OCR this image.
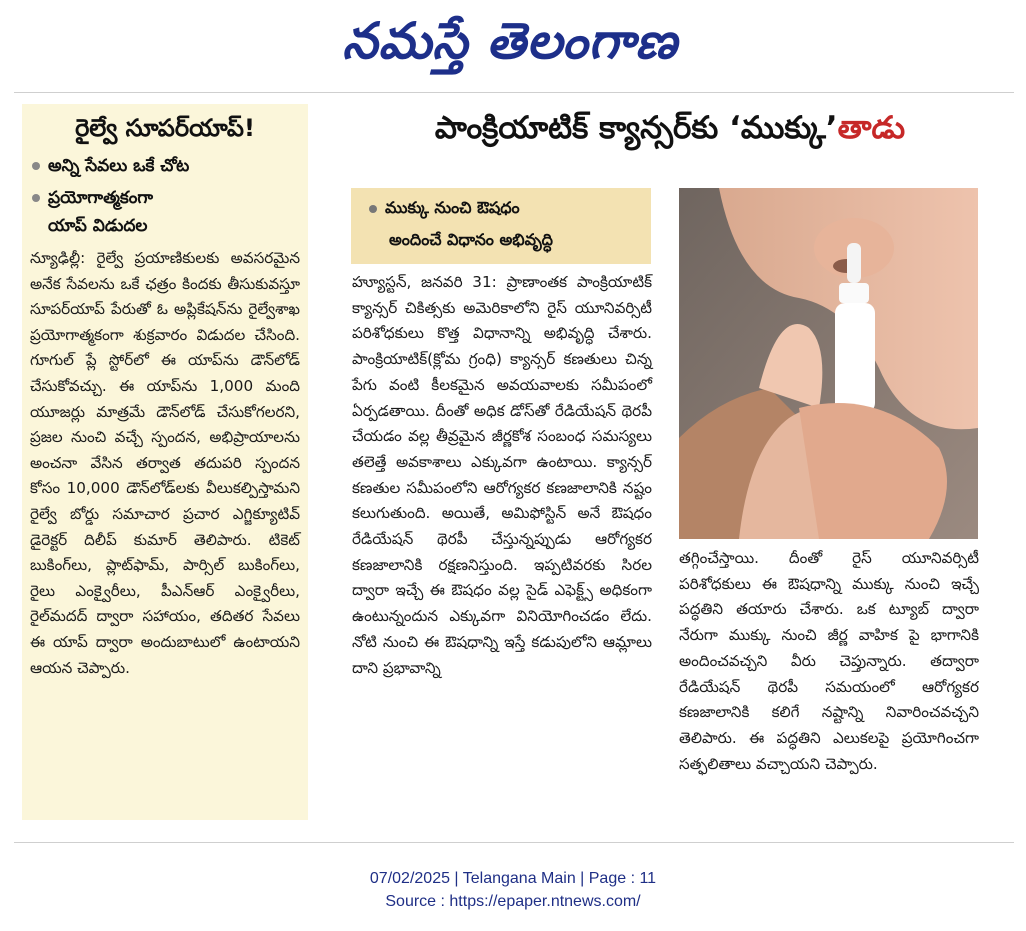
నమస్తే తెలంగాణ
రైల్వే సూపర్‌యాప్!
అన్ని సేవలు ఒకే చోట
ప్రయోగాత్మకంగా
యాప్ విడుదల

న్యూఢిల్లీ: రైల్వే ప్రయాణికులకు అవసరమైన అనేక సేవలను ఒకే ఛత్రం కిందకు తీసుకువస్తూ సూపర్‌యాప్ పేరుతో ఓ అప్లికేషన్‌ను రైల్వేశాఖ ప్రయోగాత్మకంగా శుక్రవారం విడుదల చేసింది. గూగుల్ ప్లే స్టోర్‌లో ఈ యాప్‌ను డౌన్‌లోడ్ చేసుకోవచ్చు. ఈ యాప్‌ను 1,000 మంది యూజర్లు మాత్రమే డౌన్‌లోడ్ చేసుకోగలరని, ప్రజల నుంచి వచ్చే స్పందన, అభిప్రాయాలను అంచనా వేసిన తర్వాత తదుపరి స్పందన కోసం 10,000 డౌన్‌లోడ్‌లకు వీలుకల్పిస్తామని రైల్వే బోర్డు సమాచార ప్రచార ఎగ్జిక్యూటివ్ డైరెక్టర్ దిలీప్ కుమార్ తెలిపారు. టికెట్ బుకింగ్‌లు, ప్లాట్‌ఫామ్, పార్సిల్ బుకింగ్‌లు, రైలు ఎంక్వైరీలు, పీఎన్ఆర్ ఎంక్వైరీలు, రైల్‌మదద్ ద్వారా సహాయం, తదితర సేవలు ఈ యాప్ ద్వారా అందుబాటులో ఉంటాయని ఆయన చెప్పారు.

పాంక్రియాటిక్ క్యాన్సర్‌కు ‘ముక్కు’తాడు
ముక్కు నుంచి ఔషధం
అందించే విధానం అభివృద్ధి

హ్యూస్టన్, జనవరి 31: ప్రాణాంతక పాంక్రియాటిక్ క్యాన్సర్ చికిత్సకు అమెరికాలోని రైస్ యూనివర్సిటీ పరిశోధకులు కొత్త విధానాన్ని అభివృద్ధి చేశారు. పాంక్రియాటిక్(క్లోమ గ్రంధి) క్యాన్సర్ కణతులు చిన్న పేగు వంటి కీలకమైన అవయవాలకు సమీపంలో ఏర్పడతాయి. దీంతో అధిక డోస్‌తో రేడియేషన్ థెరపీ చేయడం వల్ల తీవ్రమైన జీర్ణకోశ సంబంధ సమస్యలు తలెత్తే అవకాశాలు ఎక్కువగా ఉంటాయి. క్యాన్సర్ కణతుల సమీపంలోని ఆరోగ్యకర కణజాలానికి నష్టం కలుగుతుంది. అయితే, అమిఫోస్టిన్ అనే ఔషధం రేడియేషన్ థెరపీ చేస్తున్నప్పుడు ఆరోగ్యకర కణజాలానికి రక్షణనిస్తుంది. ఇప్పటివరకు సిరల ద్వారా ఇచ్చే ఈ ఔషధం వల్ల సైడ్ ఎఫెక్ట్స్ అధికంగా ఉంటున్నందున ఎక్కువగా వినియోగించడం లేదు. నోటి నుంచి ఈ ఔషధాన్ని ఇస్తే కడుపులోని ఆమ్లాలు దాని ప్రభావాన్ని

తగ్గించేస్తాయి. దీంతో రైస్ యూనివర్సిటీ పరిశోధకులు ఈ ఔషధాన్ని ముక్కు నుంచి ఇచ్చే పద్ధతిని తయారు చేశారు. ఒక ట్యూబ్ ద్వారా నేరుగా ముక్కు నుంచి జీర్ణ వాహిక పై భాగానికి అందించవచ్చని వీరు చెప్తున్నారు. తద్వారా రేడియేషన్ థెరపీ సమయంలో ఆరోగ్యకర కణజాలానికి కలిగే నష్టాన్ని నివారించవచ్చని తెలిపారు. ఈ పద్ధతిని ఎలుకలపై ప్రయోగించగా సత్ఫలితాలు వచ్చాయని చెప్పారు.

07/02/2025 | Telangana Main | Page : 11
Source : https://epaper.ntnews.com/
